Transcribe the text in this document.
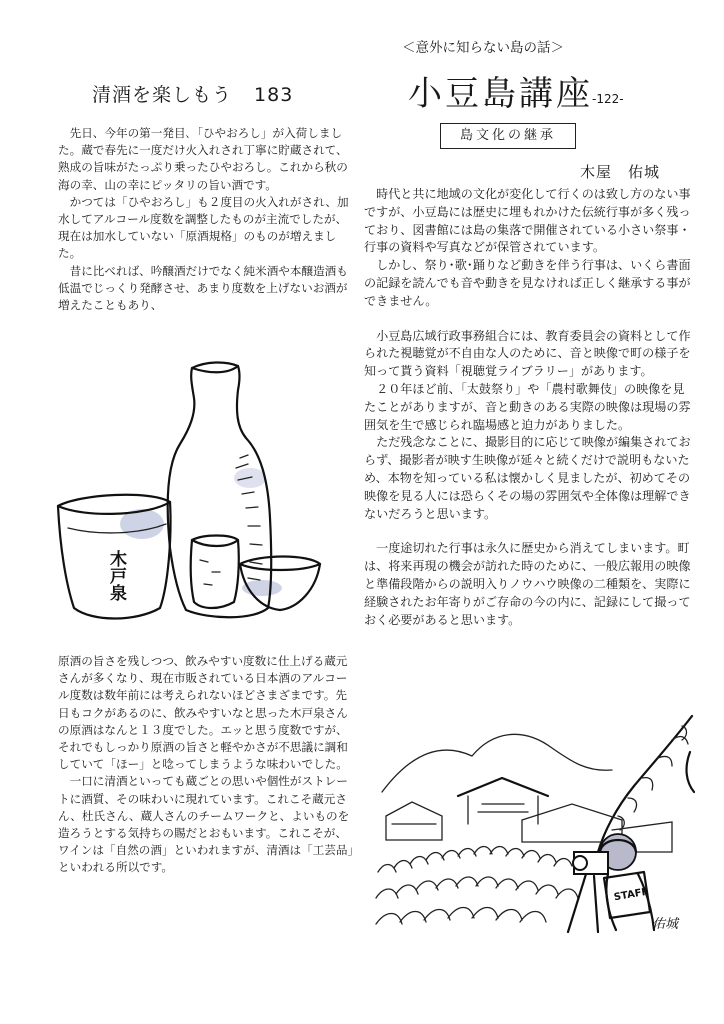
清酒を楽しもう 183

先日、今年の第一発目､「ひやおろし」が入荷しました。蔵で春先に一度だけ火入れされ丁寧に貯蔵されて、熟成の旨味がたっぷり乗ったひやおろし。これから秋の海の幸、山の幸にピッタリの旨い酒です。

かつては「ひやおろし」も２度目の火入れがされ、加水してアルコール度数を調整したものが主流でしたが、現在は加水していない「原酒規格」のものが増えました。

昔に比べれば、吟醸酒だけでなく純米酒や本醸造酒も低温でじっくり発酵させ、あまり度数を上げないお酒が増えたこともあり、

木戸泉

原酒の旨さを残しつつ、飲みやすい度数に仕上げる蔵元さんが多くなり、現在市販されている日本酒のアルコール度数は数年前には考えられないほどさまざまです。先日もコクがあるのに、飲みやすいなと思った木戸泉さんの原酒はなんと１３度でした。エッと思う度数ですが、それでもしっかり原酒の旨さと軽やかさが不思議に調和していて「ほー」と唸ってしまうような味わいでした。

一口に清酒といっても蔵ごとの思いや個性がストレートに酒質、その味わいに現れています。これこそ蔵元さん、杜氏さん、蔵人さんのチームワークと、よいものを造ろうとする気持ちの賜だとおもいます。これこそが、ワインは「自然の酒」といわれますが、清酒は「工芸品」といわれる所以です。

＜意外に知らない島の話＞
小豆島講座 -122-
島文化の継承
木屋　佑城

時代と共に地域の文化が変化して行くのは致し方のない事ですが、小豆島には歴史に埋もれかけた伝統行事が多く残っており、図書館には島の集落で開催されている小さい祭事・行事の資料や写真などが保管されています。

しかし、祭り･歌･踊りなど動きを伴う行事は、いくら書面の記録を読んでも音や動きを見なければ正しく継承する事ができません。

小豆島広域行政事務組合には、教育委員会の資料として作られた視聴覚が不自由な人のために、音と映像で町の様子を知って貰う資料「視聴覚ライブラリー」があります。

２０年ほど前、「太鼓祭り」や「農村歌舞伎」の映像を見たことがありますが、音と動きのある実際の映像は現場の雰囲気を生で感じられ臨場感と迫力がありました。

ただ残念なことに、撮影目的に応じて映像が編集されておらず、撮影者が映す生映像が延々と続くだけで説明もないため、本物を知っている私は懐かしく見ましたが、初めてその映像を見る人には恐らくその場の雰囲気や全体像は理解できないだろうと思います。

一度途切れた行事は永久に歴史から消えてしまいます。町は、将来再現の機会が訪れた時のために、一般広報用の映像と準備段階からの説明入りノウハウ映像の二種類を、実際に経験されたお年寄りがご存命の今の内に、記録にして撮っておく必要があると思います。

STAFF
佑城
